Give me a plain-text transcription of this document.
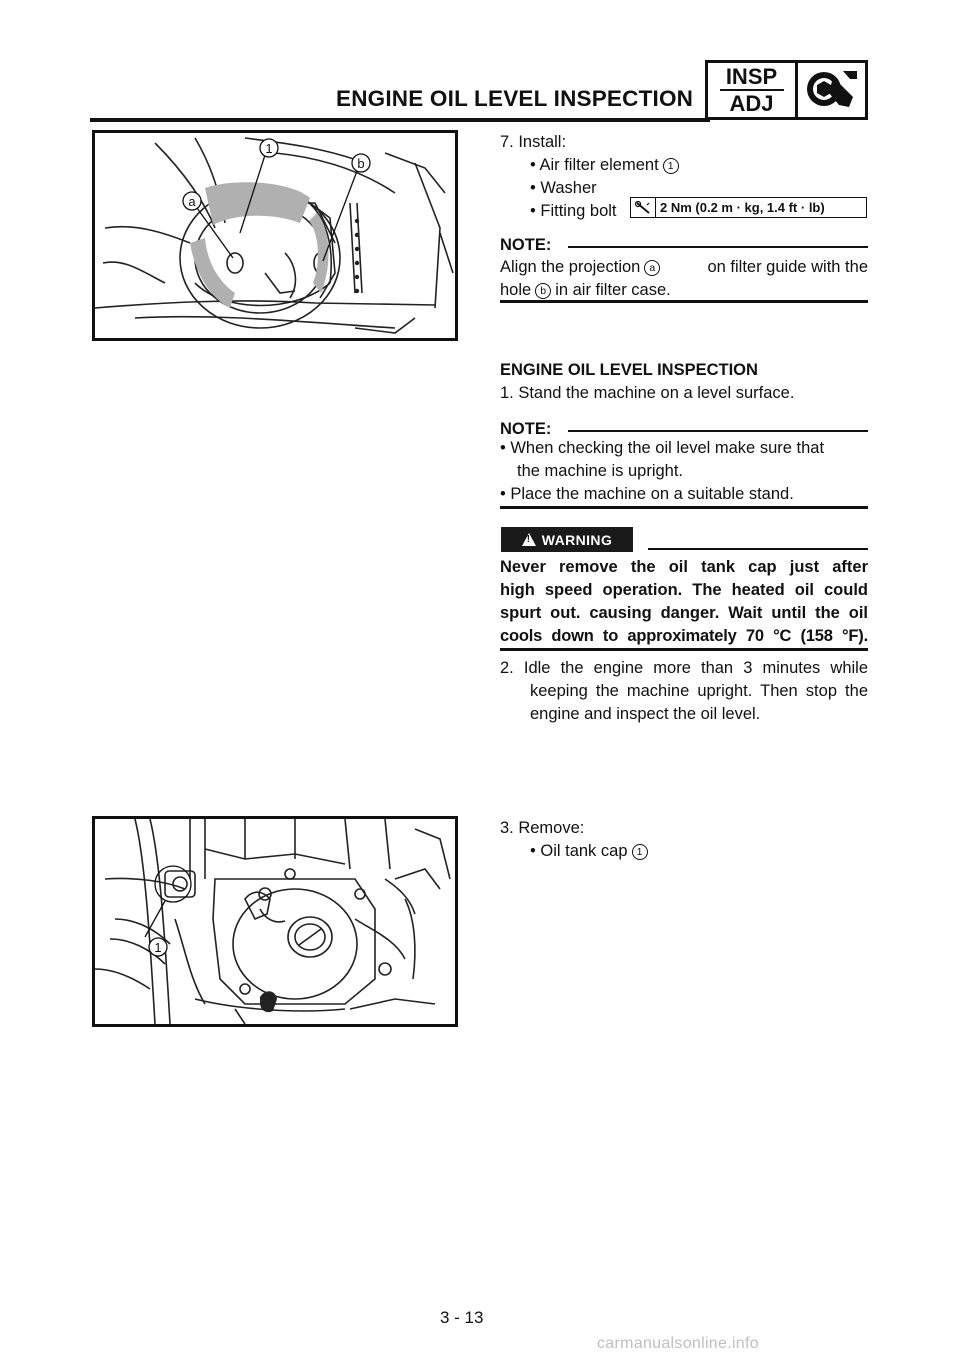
ENGINE OIL LEVEL INSPECTION
INSP
ADJ
1
b
a
7. Install:
• Air filter element 1
• Washer
• Fitting bolt	2 Nm (0.2 m · kg, 1.4 ft · lb)
NOTE:
Align the projection a	on filter guide with the
hole b in air filter case.
ENGINE OIL LEVEL INSPECTION
1. Stand the machine on a level surface.
NOTE:
• When checking the oil level make sure that
the machine is upright.
• Place the machine on a suitable stand.
!
WARNING
Never remove the oil tank cap just after
high speed operation. The heated oil could
spurt out. causing danger. Wait until the oil
cools down to approximately 70 °C (158 °F).
2. Idle the engine more than 3 minutes while
keeping the machine upright. Then stop the
engine and inspect the oil level.
1
3. Remove:
• Oil tank cap 1
3 - 13
carmanualsonline.info
